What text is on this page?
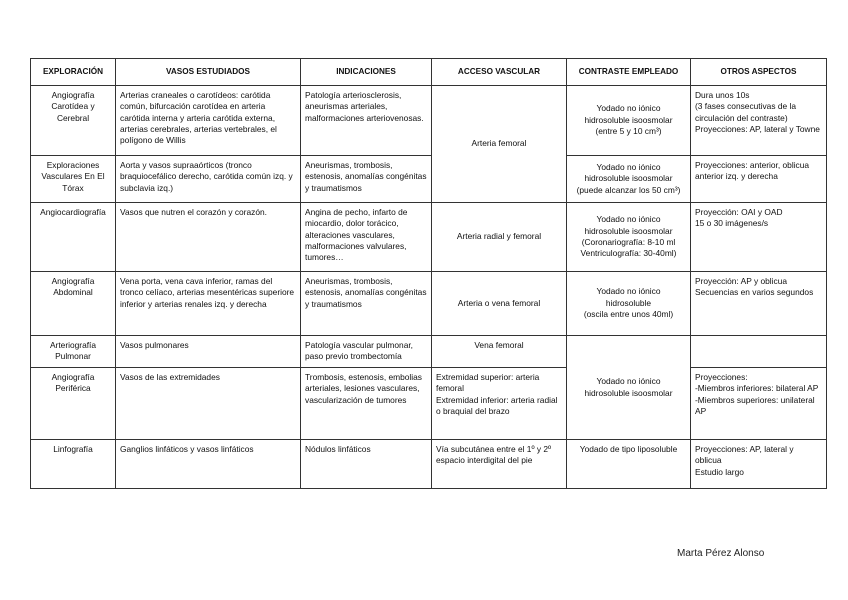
EXPLORACIÓN	VASOS ESTUDIADOS	INDICACIONES	ACCESO VASCULAR	CONTRASTE EMPLEADO	OTROS ASPECTOS

Angiografía
Carotídea y
Cerebral	Arterias craneales o carotídeos: carótida común, bifurcación carotídea en arteria carótida interna y arteria carótida externa, arterias cerebrales, arterias vertebrales, el polígono de Willis	Patología arteriosclerosis, aneurismas arteriales, malformaciones arteriovenosas.	Arteria femoral	Yodado no iónico
hidrosoluble isoosmolar
(entre 5 y 10 cm³)	Dura unos 10s
(3 fases consecutivas de la circulación del contraste)
Proyecciones: AP, lateral y Towne

Exploraciones
Vasculares En El
Tórax	Aorta y vasos supraaórticos (tronco braquiocefálico derecho, carótida común izq. y subclavia izq.)	Aneurismas, trombosis, estenosis, anomalías congénitas y traumatismos		Yodado no iónico
hidrosoluble isoosmolar
(puede alcanzar los 50 cm³)	Proyecciones: anterior, oblicua anterior izq. y derecha
Angiocardiografía	Vasos que nutren el corazón y corazón.	Angina de pecho, infarto de miocardio, dolor torácico, alteraciones vasculares, malformaciones valvulares, tumores…	Arteria radial y femoral	Yodado no iónico
hidrosoluble isoosmolar
(Coronariografía: 8-10 ml
Ventriculografía: 30-40ml)	Proyección: OAI y OAD
15 o 30 imágenes/s

Angiografía
Abdominal	Vena porta, vena cava inferior, ramas del tronco celíaco, arterias mesentéricas superiore inferior y arterias renales izq. y derecha	Aneurismas, trombosis, estenosis, anomalías congénitas y traumatismos	Arteria o vena femoral	Yodado no iónico
hidrosoluble
(oscila entre unos 40ml)	Proyección: AP y oblicua
Secuencias en varios segundos

Arteriografía
Pulmonar	Vasos pulmonares	Patología vascular pulmonar, paso previo trombectomía	Vena femoral	Yodado no iónico
hidrosoluble isoosmolar	

Angiografía
Periférica	Vasos de las extremidades	Trombosis, estenosis, embolias arteriales, lesiones vasculares, vascularización de tumores	Extremidad superior: arteria femoral
Extremidad inferior: arteria radial o braquial del brazo		Proyecciones:
-Miembros inferiores: bilateral AP
-Miembros superiores: unilateral AP

Linfografía	Ganglios linfáticos y vasos linfáticos	Nódulos linfáticos	Vía subcutánea entre el 1º y 2º espacio interdigital del pie	Yodado de tipo liposoluble	Proyecciones: AP, lateral y oblicua
Estudio largo
Marta Pérez Alonso
